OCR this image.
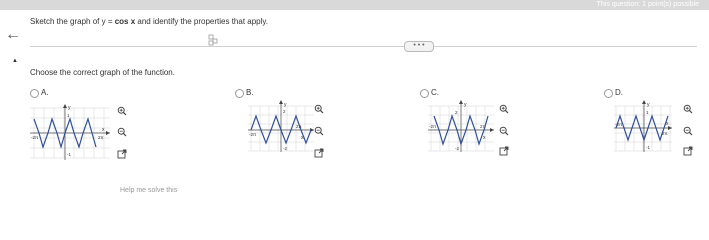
This question: 1 point(s) possible
←
Sketch the graph of y = cos x and identify the properties that apply.
• • •
▲
Choose the correct graph of the function.
A.
y
x
1
-1
2π
-2π
B.
y
x
2
-2
2π
-2π
C.
y
x
2
-2
2π
-2π
D.
y
x
1
-1
2π
-2π
Help me solve this
